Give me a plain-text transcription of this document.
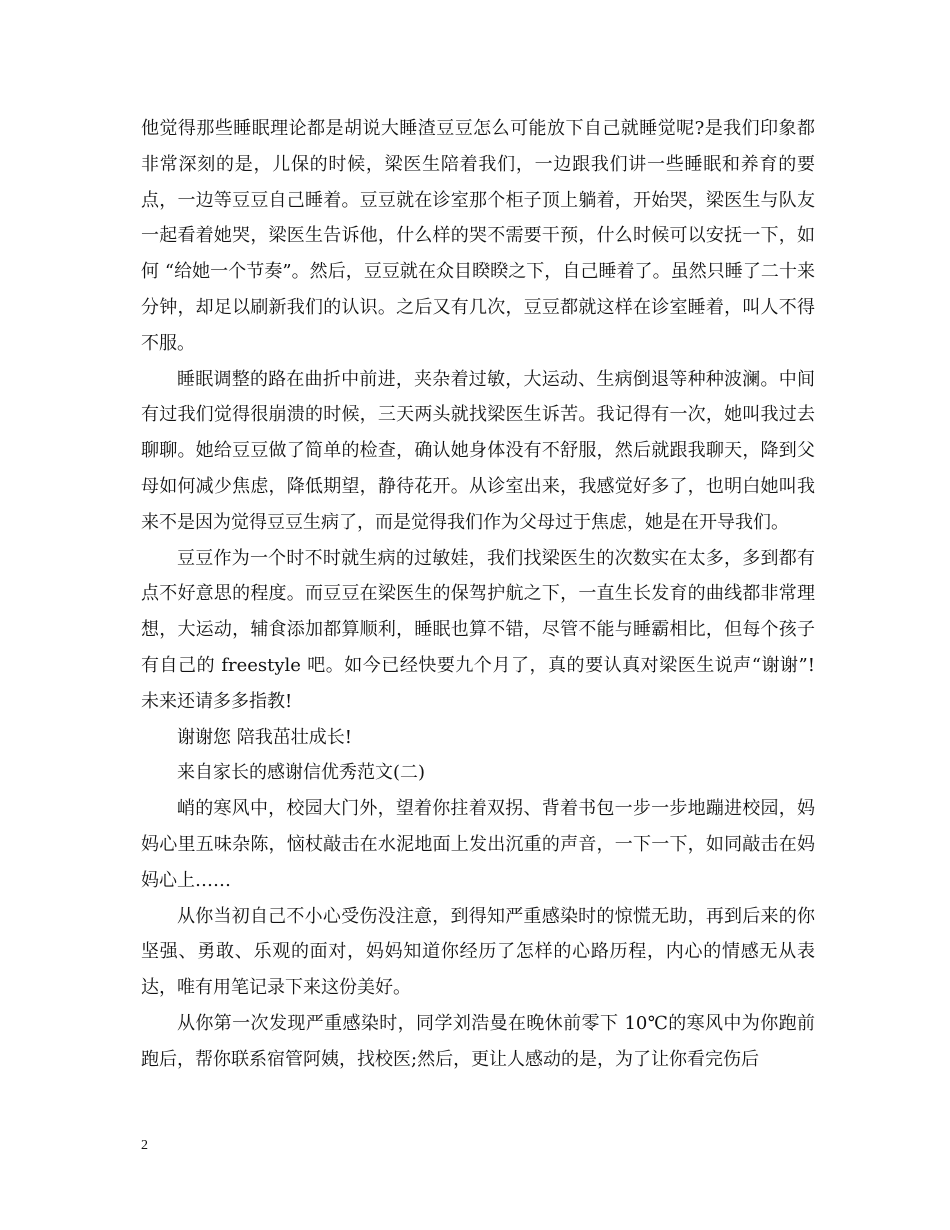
他觉得那些睡眠理论都是胡说大睡渣豆豆怎么可能放下自己就睡觉呢?是我们印象都非常深刻的是，儿保的时候，梁医生陪着我们，一边跟我们讲一些睡眠和养育的要点，一边等豆豆自己睡着。豆豆就在诊室那个柜子顶上躺着，开始哭，梁医生与队友一起看着她哭，梁医生告诉他，什么样的哭不需要干预，什么时候可以安抚一下，如何 “给她一个节奏”。然后，豆豆就在众目睽睽之下，自己睡着了。虽然只睡了二十来分钟，却足以刷新我们的认识。之后又有几次，豆豆都就这样在诊室睡着，叫人不得不服。

睡眠调整的路在曲折中前进，夹杂着过敏，大运动、生病倒退等种种波澜。中间有过我们觉得很崩溃的时候，三天两头就找梁医生诉苦。我记得有一次，她叫我过去聊聊。她给豆豆做了简单的检查，确认她身体没有不舒服，然后就跟我聊天，降到父母如何减少焦虑，降低期望，静待花开。从诊室出来，我感觉好多了，也明白她叫我来不是因为觉得豆豆生病了，而是觉得我们作为父母过于焦虑，她是在开导我们。

豆豆作为一个时不时就生病的过敏娃，我们找梁医生的次数实在太多，多到都有点不好意思的程度。而豆豆在梁医生的保驾护航之下，一直生长发育的曲线都非常理想，大运动，辅食添加都算顺利，睡眠也算不错，尽管不能与睡霸相比，但每个孩子有自己的 freestyle 吧。如今已经快要九个月了，真的要认真对梁医生说声“谢谢”!未来还请多多指教!

谢谢您 陪我茁壮成长!

来自家长的感谢信优秀范文(二)

峭的寒风中，校园大门外，望着你拄着双拐、背着书包一步一步地蹦进校园，妈妈心里五味杂陈，恼杖敲击在水泥地面上发出沉重的声音，一下一下，如同敲击在妈妈心上……

从你当初自己不小心受伤没注意，到得知严重感染时的惊慌无助，再到后来的你坚强、勇敢、乐观的面对，妈妈知道你经历了怎样的心路历程，内心的情感无从表达，唯有用笔记录下来这份美好。

从你第一次发现严重感染时，同学刘浩曼在晚休前零下 10℃的寒风中为你跑前跑后，帮你联系宿管阿姨，找校医;然后，更让人感动的是，为了让你看完伤后

2
